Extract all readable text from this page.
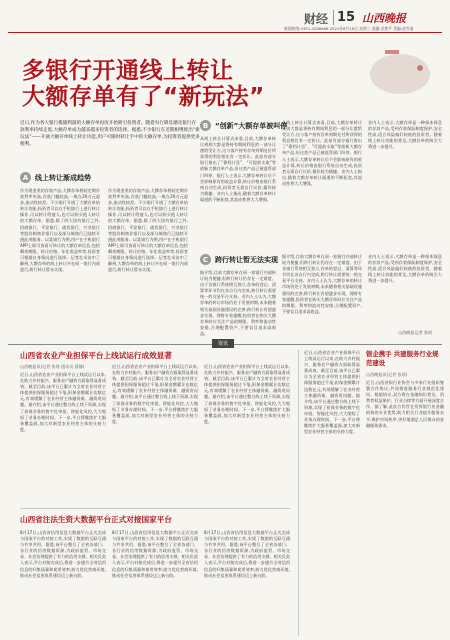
财经 15 山西晚报
新闻热线:0351-4286666 2021年8月18日 星期三 责编:龙艳平 美编:赵雪迪
多银行开通线上转让
大额存单有了“新玩法”
近日,作为各大银行揽储利器的大额存单再度开始吸引投资者。随着央行降息潮及银行存款利率持续走低,大额存单成为越来越多投资者的选择。据悉,不少银行在近期相继推出“新玩法”——开通大额存单线上转让功能,用户可随时转让手中的大额存单,为投资者提供更多便利。
A 线上转让渐成趋势
作为现金类的存款产品,大额存单相较定期存款利率更高,存款门槛较高,一般在20万元起步,流动性较差。不少银行开通了大额存单的转让功能,投资者可以在手机银行上进行转让操作,可以转让给他人,也可以购买他人转让的大额存单。据悉,除了四大国有银行之外,招商银行、平安银行、浦发银行、兴业银行等股份制商业银行以及部分城商行已陆续开通此项服务。以某银行为例,用户在手机银行APP上即可查看可转让的大额存单信息,包括剩余期限、转让价格、年化收益率等,投资者可根据自身情况进行选择。记者在采访中了解到,大额存单的线上转让多在同一银行内部进行,跨行转让暂未实现。
B “创新”大额存单被叫停
从线上转让计算式来看,目前,大额存单转让规则大都是将持有期间利息的一部分让渡给受让方,这与客户持有存单到期兑付所获得的利息相比有一定折让。此前有部分银行推出了“靠档计息”、“可提前支取”等创新大额存单产品,但这类产品已被监管部门叫停。银行人士表示,大额存单转让后不会影响原有的收益计算,转让价格由银行系统自动生成,投资者无需自行议价,操作较为便捷。业内人士指出,随着大额存单转让渠道的不断拓宽,其流动性将大大增强。
作为现金类的存款产品,大额存单相较定期存款利率更高,存款门槛较高,一般在20万元起步,流动性较差。不少银行开通了大额存单的转让功能,投资者可以在手机银行上进行转让操作,可以转让给他人,也可以购买他人转让的大额存单。据悉,除了四大国有银行之外,招商银行、平安银行、浦发银行、兴业银行等股份制商业银行以及部分城商行已陆续开通此项服务。以某银行为例,用户在手机银行APP上即可查看可转让的大额存单信息,包括剩余期限、转让价格、年化收益率等,投资者可根据自身情况进行选择。记者在采访中了解到,大额存单的线上转让多在同一银行内部进行,跨行转让暂未实现。
从线上转让计算式来看,目前,大额存单转让规则大都是将持有期间利息的一部分让渡给受让方,这与客户持有存单到期兑付所获得的利息相比有一定折让。此前有部分银行推出了“靠档计息”、“可提前支取”等创新大额存单产品,但这类产品已被监管部门叫停。银行人士表示,大额存单转让后不会影响原有的收益计算,转让价格由银行系统自动生成,投资者无需自行议价,操作较为便捷。业内人士指出,随着大额存单转让渠道的不断拓宽,其流动性将大大增强。
业内人士表示,大额存单是一种保本保息的存款产品,受到存款保险制度保护,安全性高,适合风险偏好较低的投资者。随着线上转让功能的普及,大额存单的吸引力将进一步提升。
C 跨行转让暂无法实现
据介绍,目前大额存单在同一家银行内部转让较为便捷,但跨行转让仍存在一定难度。由于各银行系统相互独立,存单的登记、清算等环节均在各自行内完成,跨行转让需要统一的交易平台支持。业内人士认为,大额存单的转让市场仍处于发展初期,未来随着相关基础设施建设的完善,跨行转让有望逐步实现。理财专家提醒,投资者在购买大额存单时应关注产品的期限、利率和流动性安排,合理配置资产,不要盲目追求高收益。
据介绍,目前大额存单在同一家银行内部转让较为便捷,但跨行转让仍存在一定难度。由于各银行系统相互独立,存单的登记、清算等环节均在各自行内完成,跨行转让需要统一的交易平台支持。业内人士认为,大额存单的转让市场仍处于发展初期,未来随着相关基础设施建设的完善,跨行转让有望逐步实现。理财专家提醒,投资者在购买大额存单时应关注产品的期限、利率和流动性安排,合理配置资产,不要盲目追求高收益。
业内人士表示,大额存单是一种保本保息的存款产品,受到存款保险制度保护,安全性高,适合风险偏好较低的投资者。随着线上转让功能的普及,大额存单的吸引力将进一步提升。
山西晚报记者 张瑶
资讯
山西省农业产业担保平台上线试运行成效显著
山西晚报讯(记者 张瑶 通讯员 薛静)
近日,山西省农业产业担保平台上线试运行以来,在助力乡村振兴、服务农户融资方面取得显著成效。截至目前,该平台已累计为全省农业经营主体提供担保服务超过千笔,担保金额累计达数亿元,有效缓解了农业经营主体融资难、融资贵问题。据介绍,该平台通过整合线上线下资源,实现了担保业务的数字化审批、智能化风控,大大缩短了业务办理时间。下一步,平台将继续扩大服务覆盖面,加大对新型农业经营主体的支持力度。
近日,山西省农业产业担保平台上线试运行以来,在助力乡村振兴、服务农户融资方面取得显著成效。截至目前,该平台已累计为全省农业经营主体提供担保服务超过千笔,担保金额累计达数亿元,有效缓解了农业经营主体融资难、融资贵问题。据介绍,该平台通过整合线上线下资源,实现了担保业务的数字化审批、智能化风控,大大缩短了业务办理时间。下一步,平台将继续扩大服务覆盖面,加大对新型农业经营主体的支持力度。
近日,山西省农业产业担保平台上线试运行以来,在助力乡村振兴、服务农户融资方面取得显著成效。截至目前,该平台已累计为全省农业经营主体提供担保服务超过千笔,担保金额累计达数亿元,有效缓解了农业经营主体融资难、融资贵问题。据介绍,该平台通过整合线上线下资源,实现了担保业务的数字化审批、智能化风控,大大缩短了业务办理时间。下一步,平台将继续扩大服务覆盖面,加大对新型农业经营主体的支持力度。
山西省注法生资大数据平台正式对接国家平台
8月17日,山西省信用信息大数据平台正式完成与国家平台的对接工作,实现了数据的互联互通与共享共用。据悉,该平台整合了全省各部门、各行业的信用数据资源,为政府监管、市场交易、社会治理提供了有力的信用支撑。相关负责人表示,平台对接完成后,将进一步提升全省信用信息的归集质量和使用效率,助力优化营商环境,推动社会信用体系建设迈上新台阶。
8月17日,山西省信用信息大数据平台正式完成与国家平台的对接工作,实现了数据的互联互通与共享共用。据悉,该平台整合了全省各部门、各行业的信用数据资源,为政府监管、市场交易、社会治理提供了有力的信用支撑。相关负责人表示,平台对接完成后,将进一步提升全省信用信息的归集质量和使用效率,助力优化营商环境,推动社会信用体系建设迈上新台阶。
8月17日,山西省信用信息大数据平台正式完成与国家平台的对接工作,实现了数据的互联互通与共享共用。据悉,该平台整合了全省各部门、各行业的信用数据资源,为政府监管、市场交易、社会治理提供了有力的信用支撑。相关负责人表示,平台对接完成后,将进一步提升全省信用信息的归集质量和使用效率,助力优化营商环境,推动社会信用体系建设迈上新台阶。
近日,山西省农业产业担保平台上线试运行以来,在助力乡村振兴、服务农户融资方面取得显著成效。截至目前,该平台已累计为全省农业经营主体提供担保服务超过千笔,担保金额累计达数亿元,有效缓解了农业经营主体融资难、融资贵问题。据介绍,该平台通过整合线上线下资源,实现了担保业务的数字化审批、智能化风控,大大缩短了业务办理时间。下一步,平台将继续扩大服务覆盖面,加大对新型农业经营主体的支持力度。
银企携手 共建服务行业规范建设
山西晚报讯(记者 张瑶)
近日,山西省银行业协会与多家行业组织签署合作协议,共同推进服务行业规范化建设。根据协议,双方将在金融知识普及、消费者权益保护、行业自律等方面开展深度合作。据了解,此次合作旨在发挥银行业金融机构的专业优势,助力相关行业提升服务水平,维护市场秩序,更好地满足人民群众的金融服务需求。
